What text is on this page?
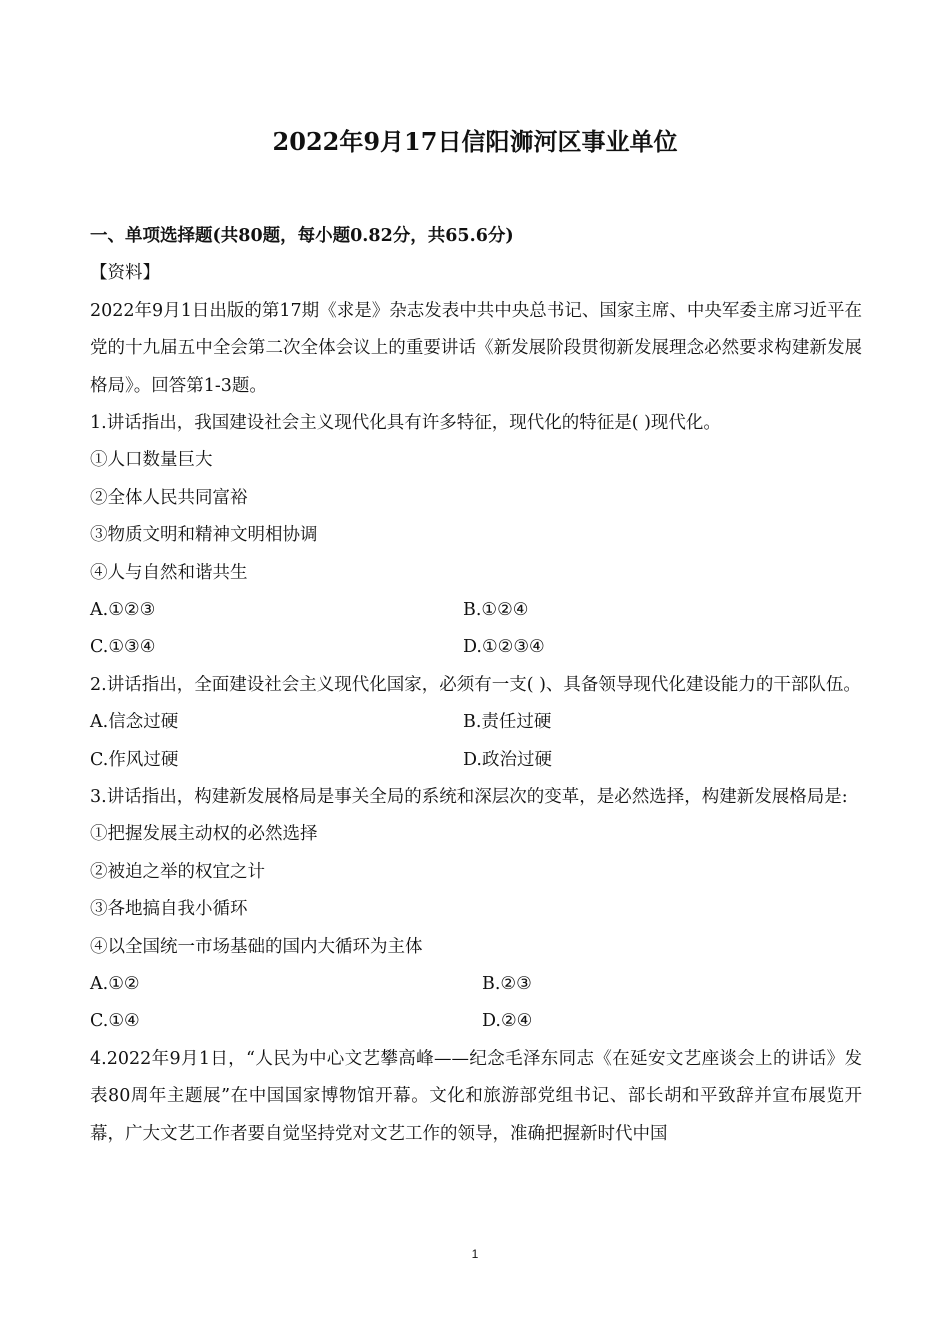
2022年9月17日信阳浉河区事业单位
一、单项选择题(共80题，每小题0.82分，共65.6分)
【资料】
2022年9月1日出版的第17期《求是》杂志发表中共中央总书记、国家主席、中央军委主席习近平在党的十九届五中全会第二次全体会议上的重要讲话《新发展阶段贯彻新发展理念必然要求构建新发展格局》。回答第1-3题。
1.讲话指出，我国建设社会主义现代化具有许多特征，现代化的特征是( )现代化。
①人口数量巨大
②全体人民共同富裕
③物质文明和精神文明相协调
④人与自然和谐共生
A.①②③	B.①②④
C.①③④	D.①②③④
2.讲话指出，全面建设社会主义现代化国家，必须有一支( )、具备领导现代化建设能力的干部队伍。
A.信念过硬	B.责任过硬
C.作风过硬	D.政治过硬
3.讲话指出，构建新发展格局是事关全局的系统和深层次的变革，是必然选择，构建新发展格局是:
①把握发展主动权的必然选择
②被迫之举的权宜之计
③各地搞自我小循环
④以全国统一市场基础的国内大循环为主体
A.①②	B.②③
C.①④	D.②④
4.2022年9月1日，“人民为中心文艺攀高峰——纪念毛泽东同志《在延安文艺座谈会上的讲话》发表80周年主题展”在中国国家博物馆开幕。文化和旅游部党组书记、部长胡和平致辞并宣布展览开幕，广大文艺工作者要自觉坚持党对文艺工作的领导，准确把握新时代中国
1
